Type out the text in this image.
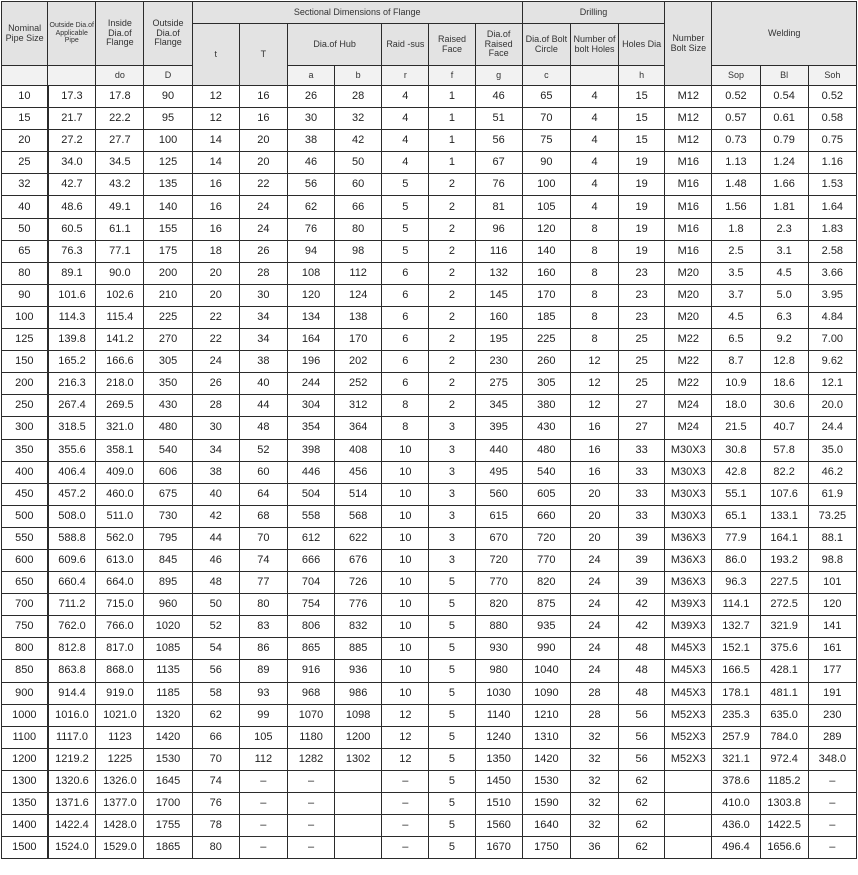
Nominal Pipe Size	Outside Dia.of Applicable Pipe	Inside Dia.of Flange	Outside Dia.of Flange	Sectional Dimensions of Flange							Drilling			Number Bolt Size	Welding		
				t	T	Dia.of Hub		Raid -sus	Raised Face	Dia.of Raised Face	Dia.of Bolt Circle	Number of bolt Holes	Holes Dia				
		do	D			a	b	r	f	g	c		h		Sop	Bl	Soh
10	17.3	17.8	90	12	16	26	28	4	1	46	65	4	15	M12	0.52	0.54	0.52
15	21.7	22.2	95	12	16	30	32	4	1	51	70	4	15	M12	0.57	0.61	0.58
20	27.2	27.7	100	14	20	38	42	4	1	56	75	4	15	M12	0.73	0.79	0.75
25	34.0	34.5	125	14	20	46	50	4	1	67	90	4	19	M16	1.13	1.24	1.16
32	42.7	43.2	135	16	22	56	60	5	2	76	100	4	19	M16	1.48	1.66	1.53
40	48.6	49.1	140	16	24	62	66	5	2	81	105	4	19	M16	1.56	1.81	1.64
50	60.5	61.1	155	16	24	76	80	5	2	96	120	8	19	M16	1.8	2.3	1.83
65	76.3	77.1	175	18	26	94	98	5	2	116	140	8	19	M16	2.5	3.1	2.58
80	89.1	90.0	200	20	28	108	112	6	2	132	160	8	23	M20	3.5	4.5	3.66
90	101.6	102.6	210	20	30	120	124	6	2	145	170	8	23	M20	3.7	5.0	3.95
100	114.3	115.4	225	22	34	134	138	6	2	160	185	8	23	M20	4.5	6.3	4.84
125	139.8	141.2	270	22	34	164	170	6	2	195	225	8	25	M22	6.5	9.2	7.00
150	165.2	166.6	305	24	38	196	202	6	2	230	260	12	25	M22	8.7	12.8	9.62
200	216.3	218.0	350	26	40	244	252	6	2	275	305	12	25	M22	10.9	18.6	12.1
250	267.4	269.5	430	28	44	304	312	8	2	345	380	12	27	M24	18.0	30.6	20.0
300	318.5	321.0	480	30	48	354	364	8	3	395	430	16	27	M24	21.5	40.7	24.4
350	355.6	358.1	540	34	52	398	408	10	3	440	480	16	33	M30X3	30.8	57.8	35.0
400	406.4	409.0	606	38	60	446	456	10	3	495	540	16	33	M30X3	42.8	82.2	46.2
450	457.2	460.0	675	40	64	504	514	10	3	560	605	20	33	M30X3	55.1	107.6	61.9
500	508.0	511.0	730	42	68	558	568	10	3	615	660	20	33	M30X3	65.1	133.1	73.25
550	588.8	562.0	795	44	70	612	622	10	3	670	720	20	39	M36X3	77.9	164.1	88.1
600	609.6	613.0	845	46	74	666	676	10	3	720	770	24	39	M36X3	86.0	193.2	98.8
650	660.4	664.0	895	48	77	704	726	10	5	770	820	24	39	M36X3	96.3	227.5	101
700	711.2	715.0	960	50	80	754	776	10	5	820	875	24	42	M39X3	114.1	272.5	120
750	762.0	766.0	1020	52	83	806	832	10	5	880	935	24	42	M39X3	132.7	321.9	141
800	812.8	817.0	1085	54	86	865	885	10	5	930	990	24	48	M45X3	152.1	375.6	161
850	863.8	868.0	1135	56	89	916	936	10	5	980	1040	24	48	M45X3	166.5	428.1	177
900	914.4	919.0	1185	58	93	968	986	10	5	1030	1090	28	48	M45X3	178.1	481.1	191
1000	1016.0	1021.0	1320	62	99	1070	1098	12	5	1140	1210	28	56	M52X3	235.3	635.0	230
1100	1117.0	1123	1420	66	105	1180	1200	12	5	1240	1310	32	56	M52X3	257.9	784.0	289
1200	1219.2	1225	1530	70	112	1282	1302	12	5	1350	1420	32	56	M52X3	321.1	972.4	348.0
1300	1320.6	1326.0	1645	74	–	–		–	5	1450	1530	32	62		378.6	1185.2	–
1350	1371.6	1377.0	1700	76	–	–		–	5	1510	1590	32	62		410.0	1303.8	–
1400	1422.4	1428.0	1755	78	–	–		–	5	1560	1640	32	62		436.0	1422.5	–
1500	1524.0	1529.0	1865	80	–	–		–	5	1670	1750	36	62		496.4	1656.6	–
